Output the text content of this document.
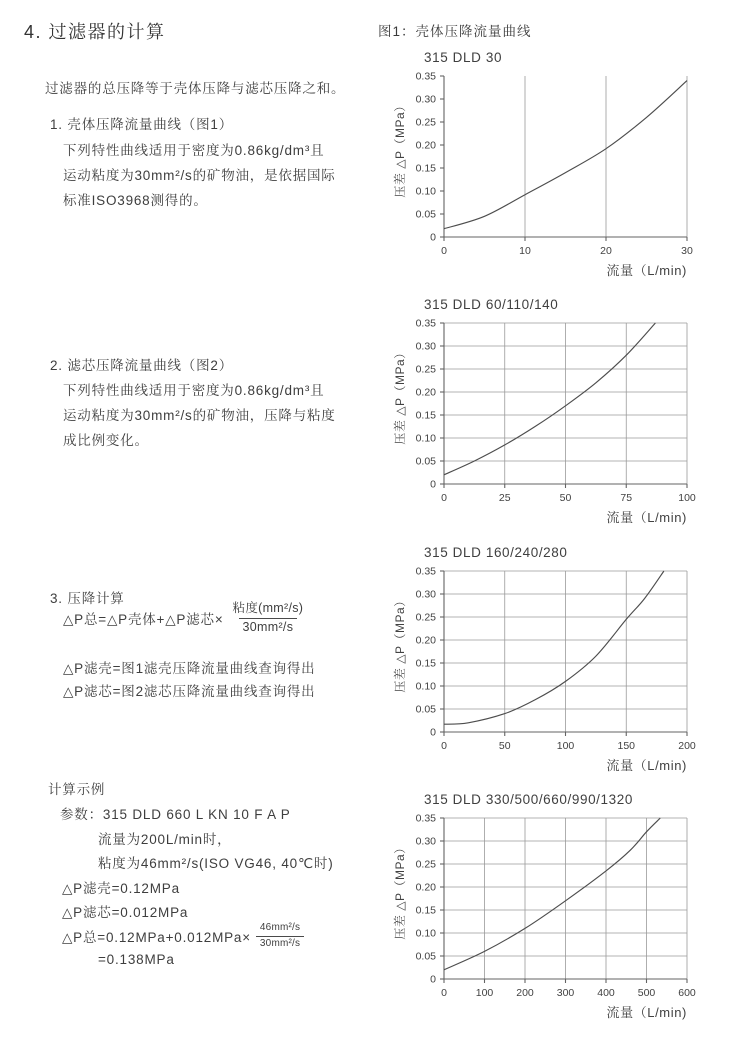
4. 过滤器的计算
过滤器的总压降等于壳体压降与滤芯压降之和。
1. 壳体压降流量曲线（图1）
下列特性曲线适用于密度为0.86kg/dm³且
运动粘度为30mm²/s的矿物油，是依据国际
标准ISO3968测得的。
2. 滤芯压降流量曲线（图2）
下列特性曲线适用于密度为0.86kg/dm³且
运动粘度为30mm²/s的矿物油，压降与粘度
成比例变化。
3. 压降计算
△P总=△P壳体+△P滤芯× $\frac{\text{粘度(mm²/s)}}{\text{30mm²/s}}$
△P滤壳=图1滤壳压降流量曲线查询得出
△P滤芯=图2滤芯压降流量曲线查询得出
计算示例
参数：315 DLD 660 L KN 10 F A P
流量为200L/min时，
粘度为46mm²/s(ISO VG46, 40℃时)
△P滤壳=0.12MPa
△P滤芯=0.012MPa
△P总$=0.12MPa+0.012MPa\times \frac{\text{46mm²/s}}{\text{30mm²/s}}$
=0.138MPa
图1：壳体压降流量曲线
315 DLD 30
0
0.05
0.10
0.15
0.20
0.25
0.30
0.35
0	10	20	30
流量（L/min)
压差 △P（MPa）
315 DLD 60/110/140
0
0.05
0.10
0.15
0.20
0.25
0.30
0.35
0	25	50	75	100
流量（L/min)
压差 △P（MPa）
315 DLD 160/240/280
0
0.05
0.10
0.15
0.20
0.25
0.30
0.35
0	50	100	150	200
流量（L/min)
压差 △P（MPa）
315 DLD 330/500/660/990/1320
0
0.05
0.10
0.15
0.20
0.25
0.30
0.35
0	100 200 300 400 500 600
流量（L/min)
压差 △P（MPa）
